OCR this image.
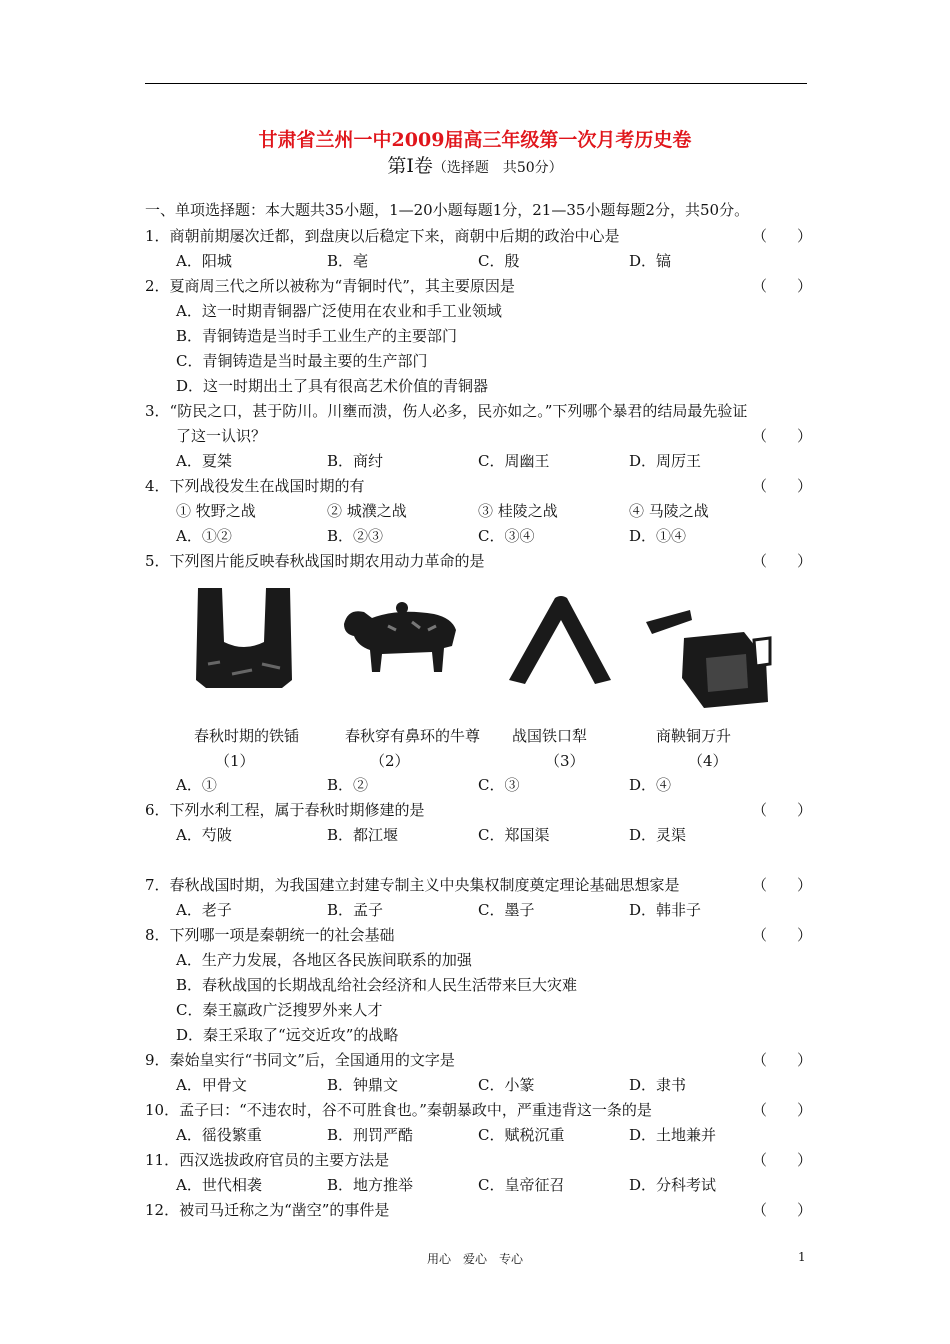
甘肃省兰州一中2009届高三年级第一次月考历史卷
第Ⅰ卷（选择题　共50分）
一、单项选择题：本大题共35小题，1—20小题每题1分，21—35小题每题2分，共50分。
1．商朝前期屡次迁都，到盘庚以后稳定下来，商朝中后期的政治中心是	（　　）
A．阳城	B．亳	C．殷	D．镐
2．夏商周三代之所以被称为“青铜时代”，其主要原因是	（　　）
A．这一时期青铜器广泛使用在农业和手工业领域
B．青铜铸造是当时手工业生产的主要部门
C．青铜铸造是当时最主要的生产部门
D．这一时期出土了具有很高艺术价值的青铜器
3．“防民之口，甚于防川。川壅而溃，伤人必多，民亦如之。”下列哪个暴君的结局最先验证
了这一认识？	（　　）
A．夏桀	B．商纣	C．周幽王	D．周厉王
4．下列战役发生在战国时期的有	（　　）
① 牧野之战	② 城濮之战	③ 桂陵之战	④ 马陵之战
A．①②	B．②③	C．③④	D．①④
5．下列图片能反映春秋战国时期农用动力革命的是	（　　）
春秋时期的铁锸	春秋穿有鼻环的牛尊 战国铁口犁	商鞅铜万升
（1）	（2）	（3）	（4）
A．①	B．②	C．③	D．④
6．下列水利工程，属于春秋时期修建的是	（　　）
A．芍陂	B．都江堰	C．郑国渠	D．灵渠
7．春秋战国时期，为我国建立封建专制主义中央集权制度奠定理论基础思想家是	（　　）
A．老子	B．孟子	C．墨子	D．韩非子
8．下列哪一项是秦朝统一的社会基础	（　　）
A．生产力发展，各地区各民族间联系的加强
B．春秋战国的长期战乱给社会经济和人民生活带来巨大灾难
C．秦王嬴政广泛搜罗外来人才
D．秦王采取了“远交近攻”的战略
9．秦始皇实行“书同文”后，全国通用的文字是	（　　）
A．甲骨文	B．钟鼎文	C．小篆	D．隶书
10．孟子曰：“不违农时，谷不可胜食也。”秦朝暴政中，严重违背这一条的是	（　　）
A．徭役繁重	B．刑罚严酷	C．赋税沉重	D．土地兼并
11．西汉选拔政府官员的主要方法是	（　　）
A．世代相袭	B．地方推举	C．皇帝征召	D．分科考试
12．被司马迁称之为“凿空”的事件是	（　　）
用心　爱心　专心	1
